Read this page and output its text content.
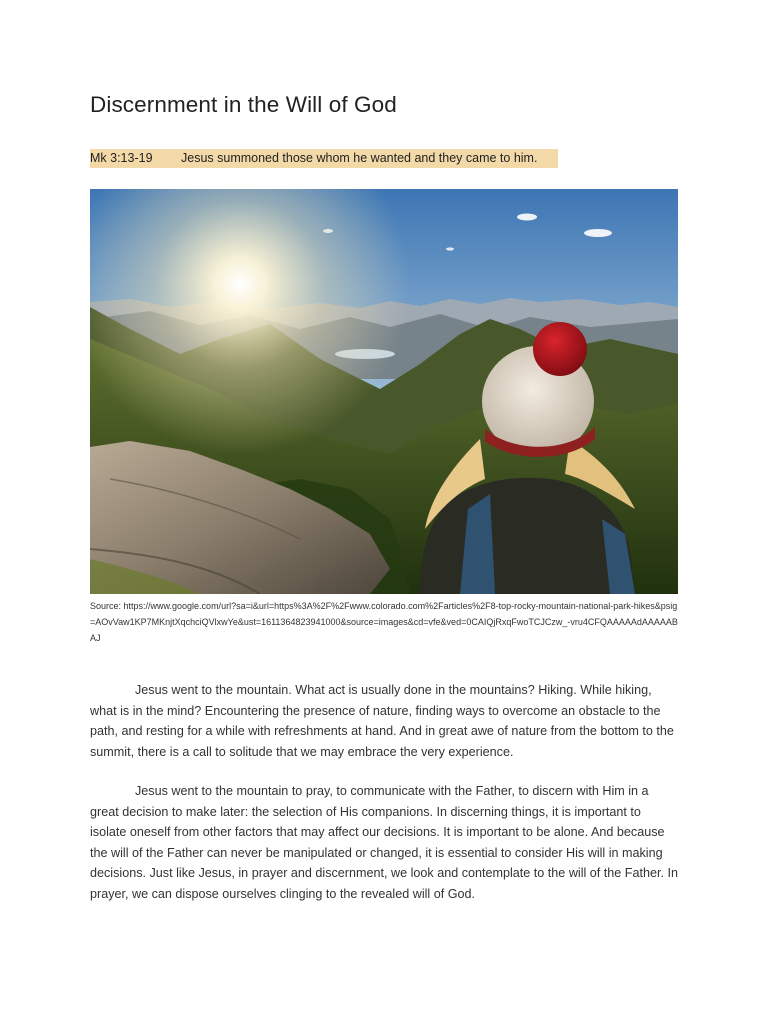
Discernment in the Will of God
Mk 3:13-19 Jesus summoned those whom he wanted and they came to him.
Source: https://www.google.com/url?sa=i&url=https%3A%2F%2Fwww.colorado.com%2Farticles%2F8-top-rocky-mountain-national-park-hikes&psig=AOvVaw1KP7MKnjtXqchciQVlxwYe&ust=1611364823941000&source=images&cd=vfe&ved=0CAIQjRxqFwoTCJCzw_-vru4CFQAAAAAdAAAAABAJ

Jesus went to the mountain. What act is usually done in the mountains? Hiking. While hiking, what is in the mind? Encountering the presence of nature, finding ways to overcome an obstacle to the path, and resting for a while with refreshments at hand. And in great awe of nature from the bottom to the summit, there is a call to solitude that we may embrace the very experience.

Jesus went to the mountain to pray, to communicate with the Father, to discern with Him in a great decision to make later: the selection of His companions. In discerning things, it is important to isolate oneself from other factors that may affect our decisions. It is important to be alone. And because the will of the Father can never be manipulated or changed, it is essential to consider His will in making decisions. Just like Jesus, in prayer and discernment, we look and contemplate to the will of the Father. In prayer, we can dispose ourselves clinging to the revealed will of God.
